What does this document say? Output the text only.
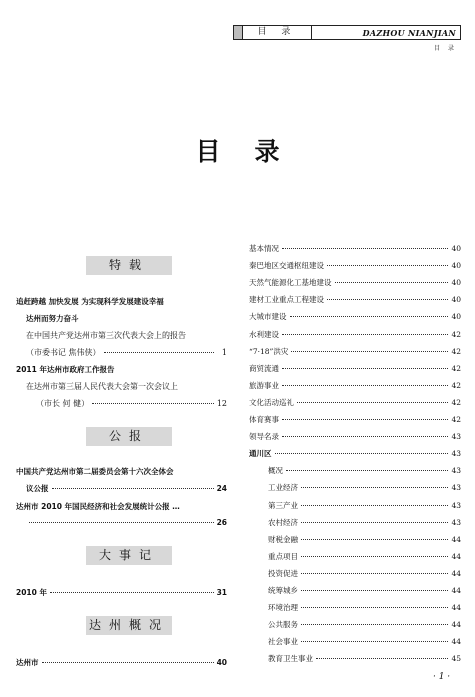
目 录	DAZHOU NIANJIAN
目 录
目录
特载
追赶跨越 加快发展 为实现科学发展建设幸福
达州而努力奋斗
在中国共产党达州市第三次代表大会上的报告
（市委书记 焦伟侠）	1
2011 年达州市政府工作报告
在达州市第三届人民代表大会第一次会议上
（市长 何 健）	12
公报
中国共产党达州市第二届委员会第十六次全体会
议公报	24
达州市 2010 年国民经济和社会发展统计公报 …
26
大事记
2010 年	31
达州概况
达州市	40
基本情况	40
秦巴地区交通枢纽建设	40
天然气能源化工基地建设	40
建材工业重点工程建设	40
大城市建设	40
水利建设	42
“7·18”洪灾	42
商贸流通	42
旅游事业	42
文化活动巡礼	42
体育赛事	42
领导名录	43
通川区	43
概况	43
工业经济	43
第三产业	43
农村经济	43
财税金融	44
重点项目	44
投资促进	44
统筹城乡	44
环境治理	44
公共服务	44
社会事业	44
教育卫生事业	45
· 1 ·
